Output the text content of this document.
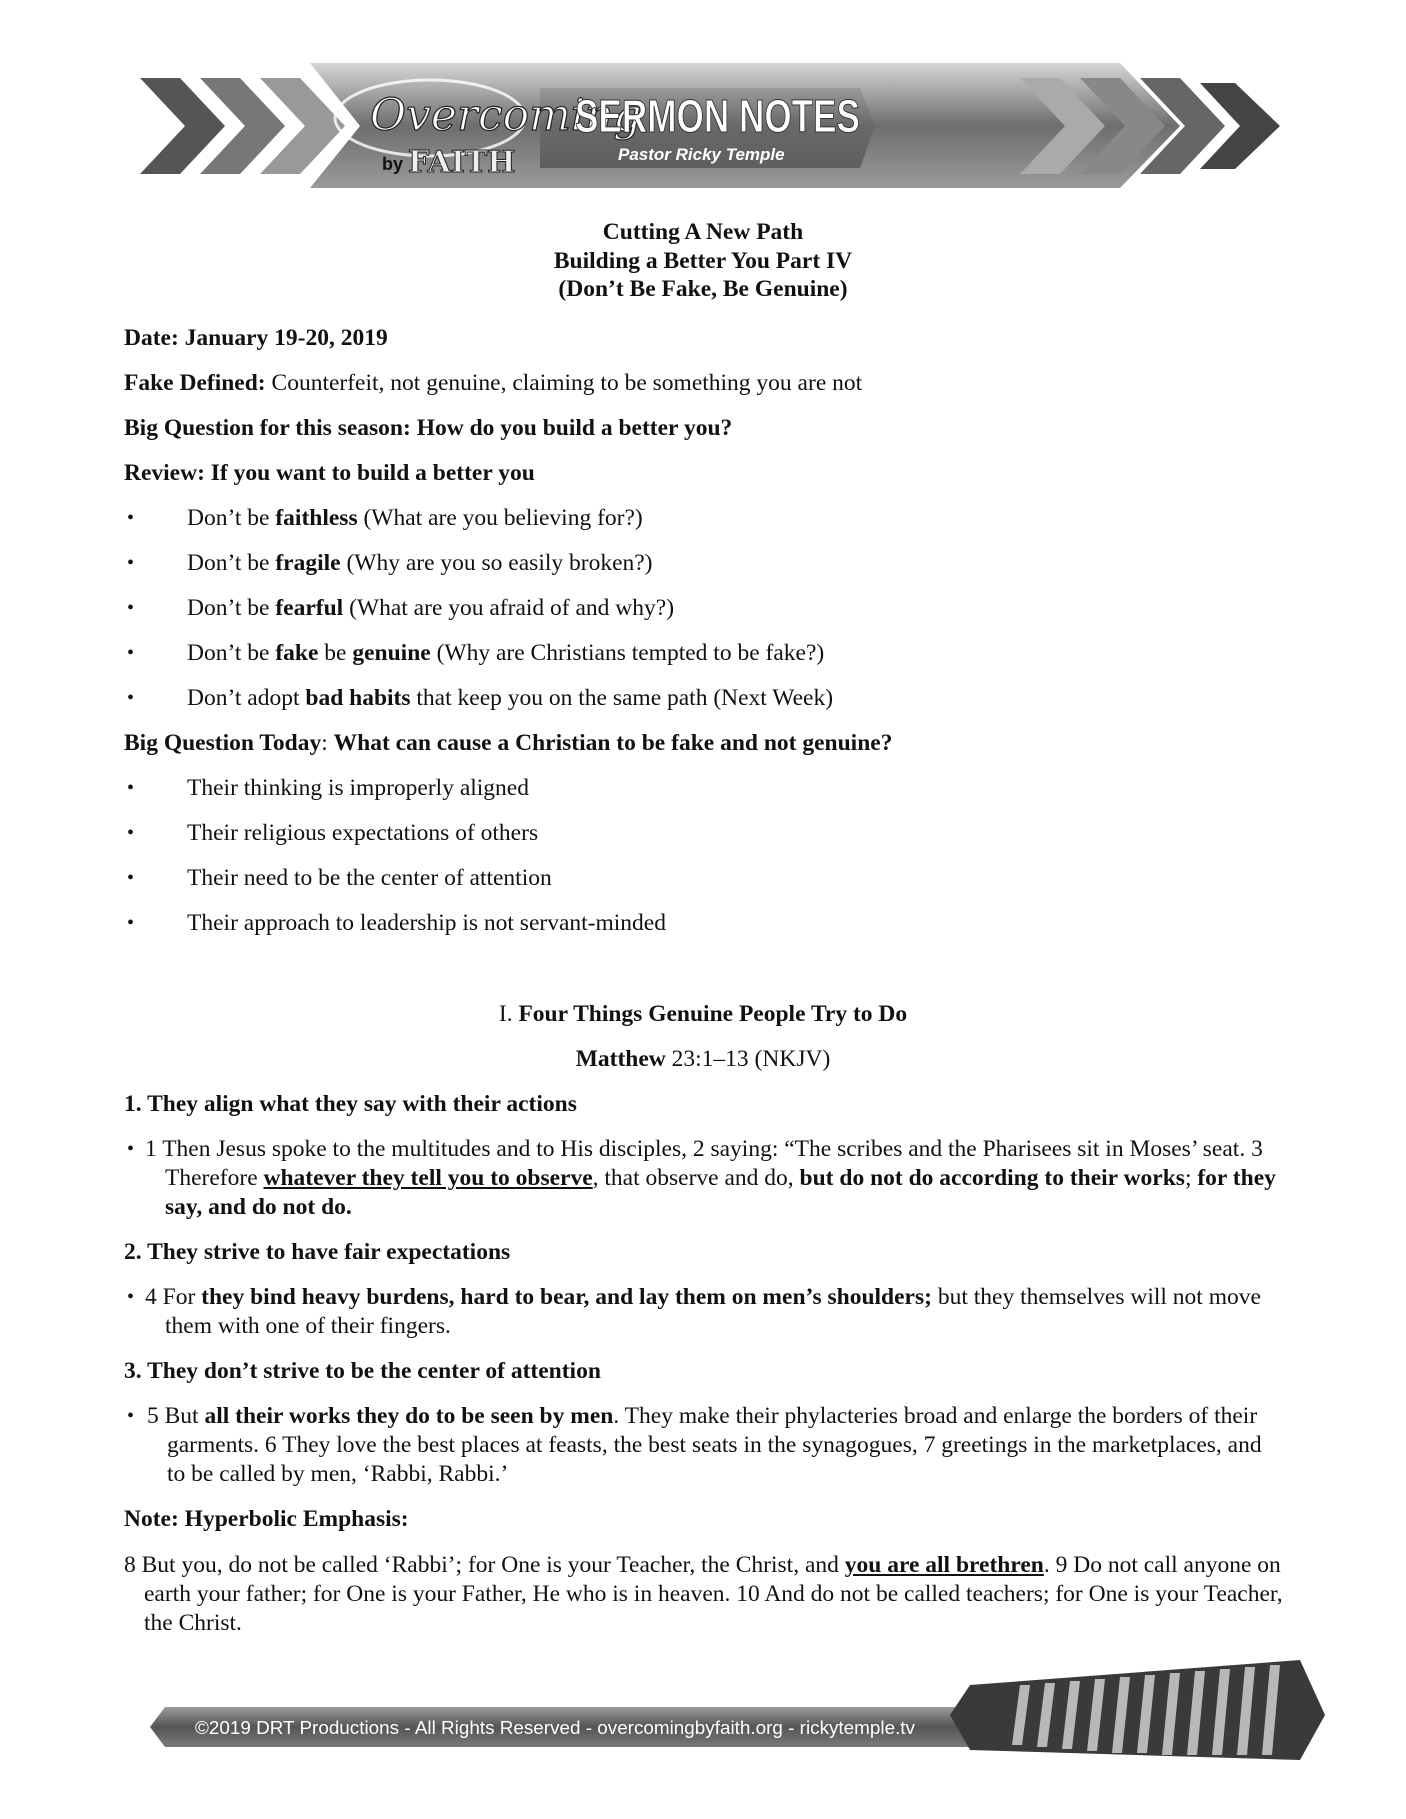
Overcoming
by FAITH
SERMON NOTES
Pastor Ricky Temple
Cutting A New Path
Building a Better You Part IV
(Don’t Be Fake, Be Genuine)
Date: January 19-20, 2019
Fake Defined: Counterfeit, not genuine, claiming to be something you are not
Big Question for this season: How do you build a better you?
Review: If you want to build a better you
• Don’t be faithless (What are you believing for?)
• Don’t be fragile (Why are you so easily broken?)
• Don’t be fearful (What are you afraid of and why?)
• Don’t be fake be genuine (Why are Christians tempted to be fake?)
• Don’t adopt bad habits that keep you on the same path (Next Week)
Big Question Today: What can cause a Christian to be fake and not genuine?
• Their thinking is improperly aligned
• Their religious expectations of others
• Their need to be the center of attention
• Their approach to leadership is not servant-minded
I. Four Things Genuine People Try to Do
Matthew 23:1–13 (NKJV)
1. They align what they say with their actions
• 1 Then Jesus spoke to the multitudes and to His disciples, 2 saying: “The scribes and the Pharisees sit in Moses’ seat. 3 Therefore whatever they tell you to observe, that observe and do, but do not do according to their works; for they say, and do not do.
2. They strive to have fair expectations
• 4 For they bind heavy burdens, hard to bear, and lay them on men’s shoulders; but they themselves will not move them with one of their fingers.
3. They don’t strive to be the center of attention
• 5 But all their works they do to be seen by men. They make their phylacteries broad and enlarge the borders of their garments. 6 They love the best places at feasts, the best seats in the synagogues, 7 greetings in the marketplaces, and to be called by men, ‘Rabbi, Rabbi.’
Note: Hyperbolic Emphasis:
8 But you, do not be called ‘Rabbi’; for One is your Teacher, the Christ, and you are all brethren. 9 Do not call anyone on earth your father; for One is your Father, He who is in heaven. 10 And do not be called teachers; for One is your Teacher, the Christ.
©2019 DRT Productions - All Rights Reserved - overcomingbyfaith.org - rickytemple.tv
